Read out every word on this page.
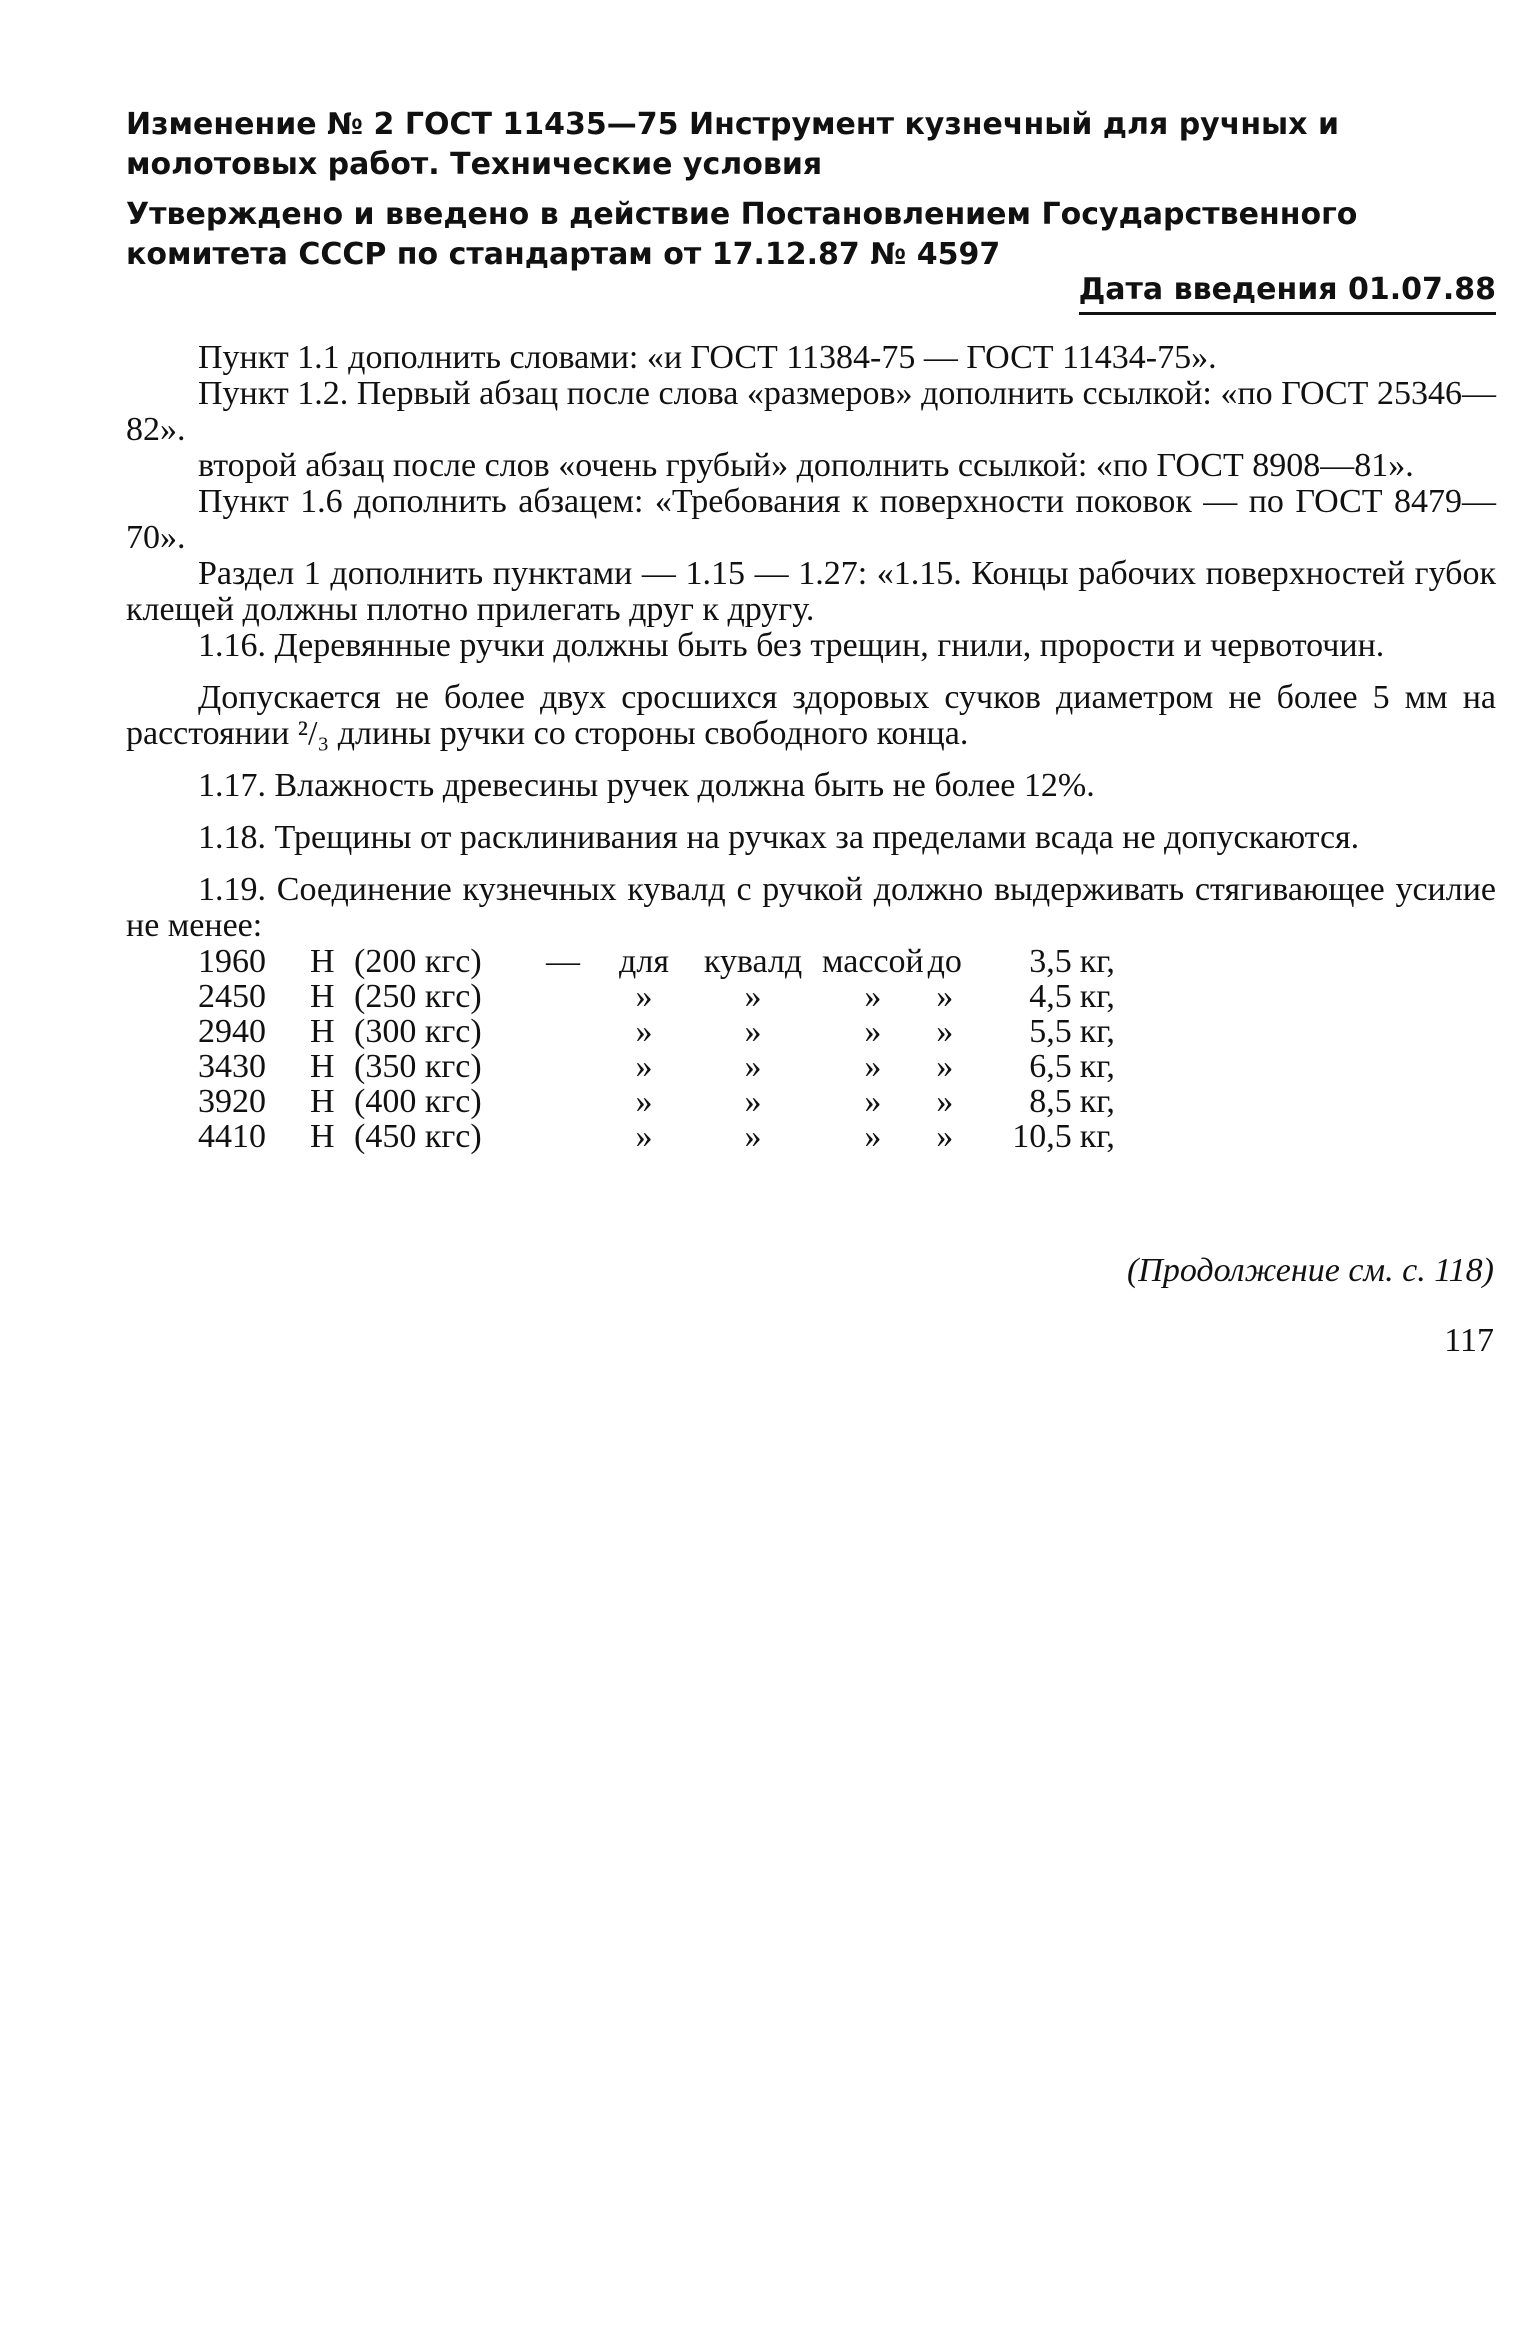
Изменение № 2 ГОСТ 11435—75 Инструмент кузнечный для ручных и молотовых работ. Технические условия
Утверждено и введено в действие Постановлением Государственного комитета СССР по стандартам от 17.12.87 № 4597
Дата введения 01.07.88

Пункт 1.1 дополнить словами: «и ГОСТ 11384-75 — ГОСТ 11434-75».

Пункт 1.2. Первый абзац после слова «размеров» дополнить ссылкой: «по ГОСТ 25346—82».

второй абзац после слов «очень грубый» дополнить ссылкой: «по ГОСТ 8908—81».

Пункт 1.6 дополнить абзацем: «Требования к поверхности поковок — по ГОСТ 8479—70».

Раздел 1 дополнить пунктами — 1.15 — 1.27: «1.15. Концы рабочих поверхностей губок клещей должны плотно прилегать друг к другу.

1.16. Деревянные ручки должны быть без трещин, гнили, прорости и червоточин.

Допускается не более двух сросшихся здоровых сучков диаметром не более 5 мм на расстоянии ²/₃ длины ручки со стороны свободного конца.

1.17. Влажность древесины ручек должна быть не более 12%.

1.18. Трещины от расклинивания на ручках за пределами всада не допускаются.

1.19. Соединение кузнечных кувалд с ручкой должно выдерживать стягивающее усилие не менее:

1960	Н	(200 кгс)	—	для	кувалд	массой	до	3,5	кг,
2450	Н	(250 кгс)		»	»	»	»	4,5	кг,
2940	Н	(300 кгс)		»	»	»	»	5,5	кг,
3430	Н	(350 кгс)		»	»	»	»	6,5	кг,
3920	Н	(400 кгс)		»	»	»	»	8,5	кг,
4410	Н	(450 кгс)		»	»	»	»	10,5	кг,
(Продолжение см. с. 118)
117
